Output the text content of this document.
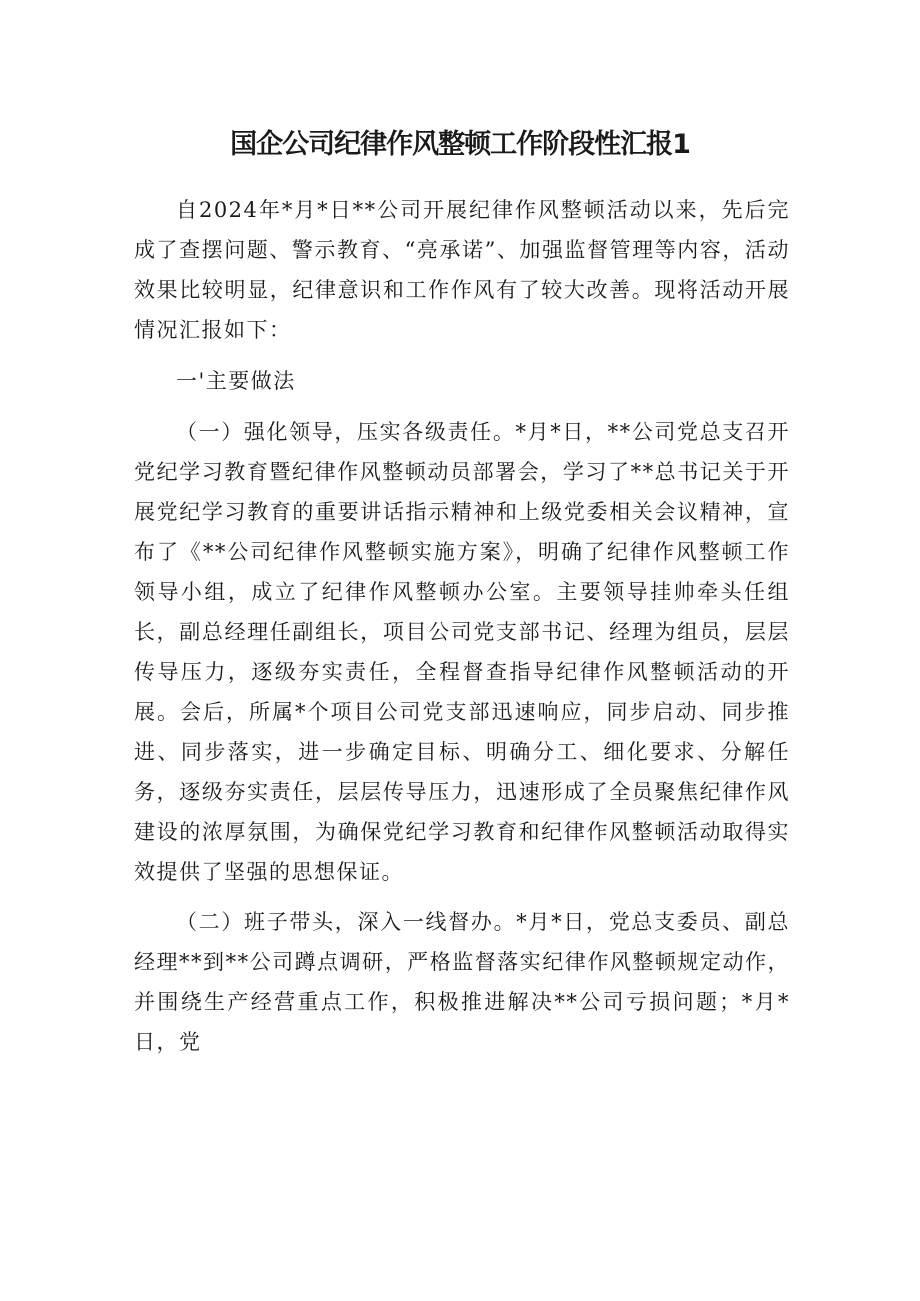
国企公司纪律作风整顿工作阶段性汇报1

自2024年*月*日**公司开展纪律作风整顿活动以来，先后完成了查摆问题、警示教育、“亮承诺”、加强监督管理等内容，活动效果比较明显，纪律意识和工作作风有了较大改善。现将活动开展情况汇报如下：

一'主要做法

（一）强化领导，压实各级责任。*月*日，**公司党总支召开党纪学习教育暨纪律作风整顿动员部署会，学习了**总书记关于开展党纪学习教育的重要讲话指示精神和上级党委相关会议精神，宣布了《**公司纪律作风整顿实施方案》，明确了纪律作风整顿工作领导小组，成立了纪律作风整顿办公室。主要领导挂帅牵头任组长，副总经理任副组长，项目公司党支部书记、经理为组员，层层传导压力，逐级夯实责任，全程督查指导纪律作风整顿活动的开展。会后，所属*个项目公司党支部迅速响应，同步启动、同步推进、同步落实，进一步确定目标、明确分工、细化要求、分解任务，逐级夯实责任，层层传导压力，迅速形成了全员聚焦纪律作风建设的浓厚氛围，为确保党纪学习教育和纪律作风整顿活动取得实效提供了坚强的思想保证。

（二）班子带头，深入一线督办。*月*日，党总支委员、副总经理**到**公司蹲点调研，严格监督落实纪律作风整顿规定动作，并围绕生产经营重点工作，积极推进解决**公司亏损问题；*月*日，党
